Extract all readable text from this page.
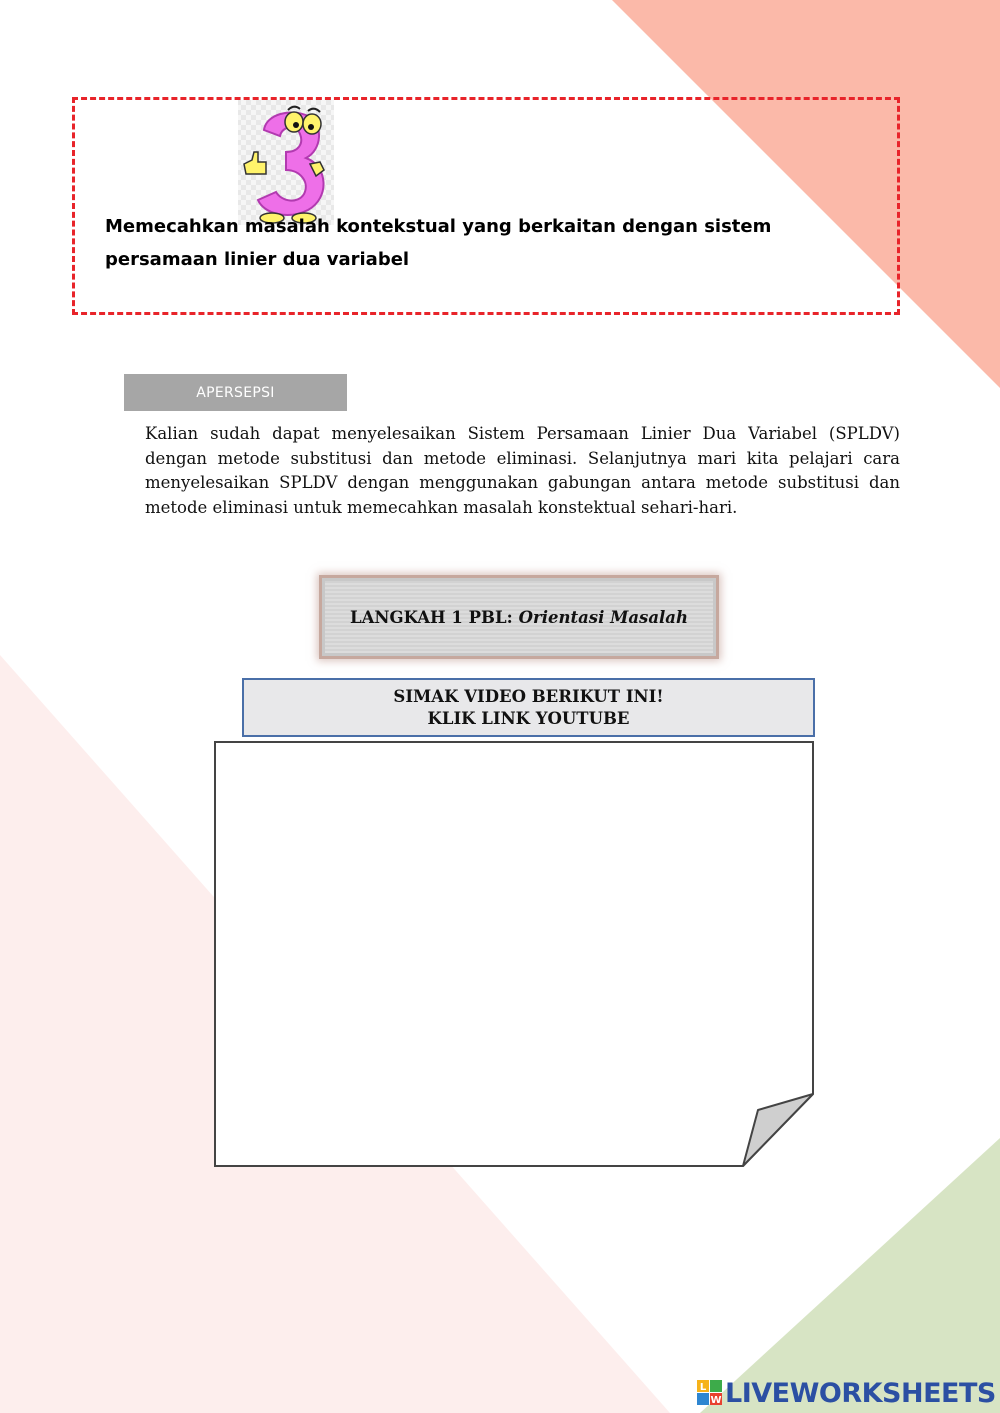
Memecahkan masalah kontekstual yang berkaitan dengan sistem persamaan linier dua variabel
APERSEPSI
Kalian sudah dapat menyelesaikan Sistem Persamaan Linier Dua Variabel (SPLDV) dengan metode substitusi dan metode eliminasi. Selanjutnya mari kita pelajari cara menyelesaikan SPLDV dengan menggunakan gabungan antara metode substitusi dan metode eliminasi untuk memecahkan masalah konstektual sehari-hari.
LANGKAH 1 PBL: Orientasi Masalah
SIMAK VIDEO BERIKUT INI!
KLIK LINK YOUTUBE
L
W LIVEWORKSHEETS
